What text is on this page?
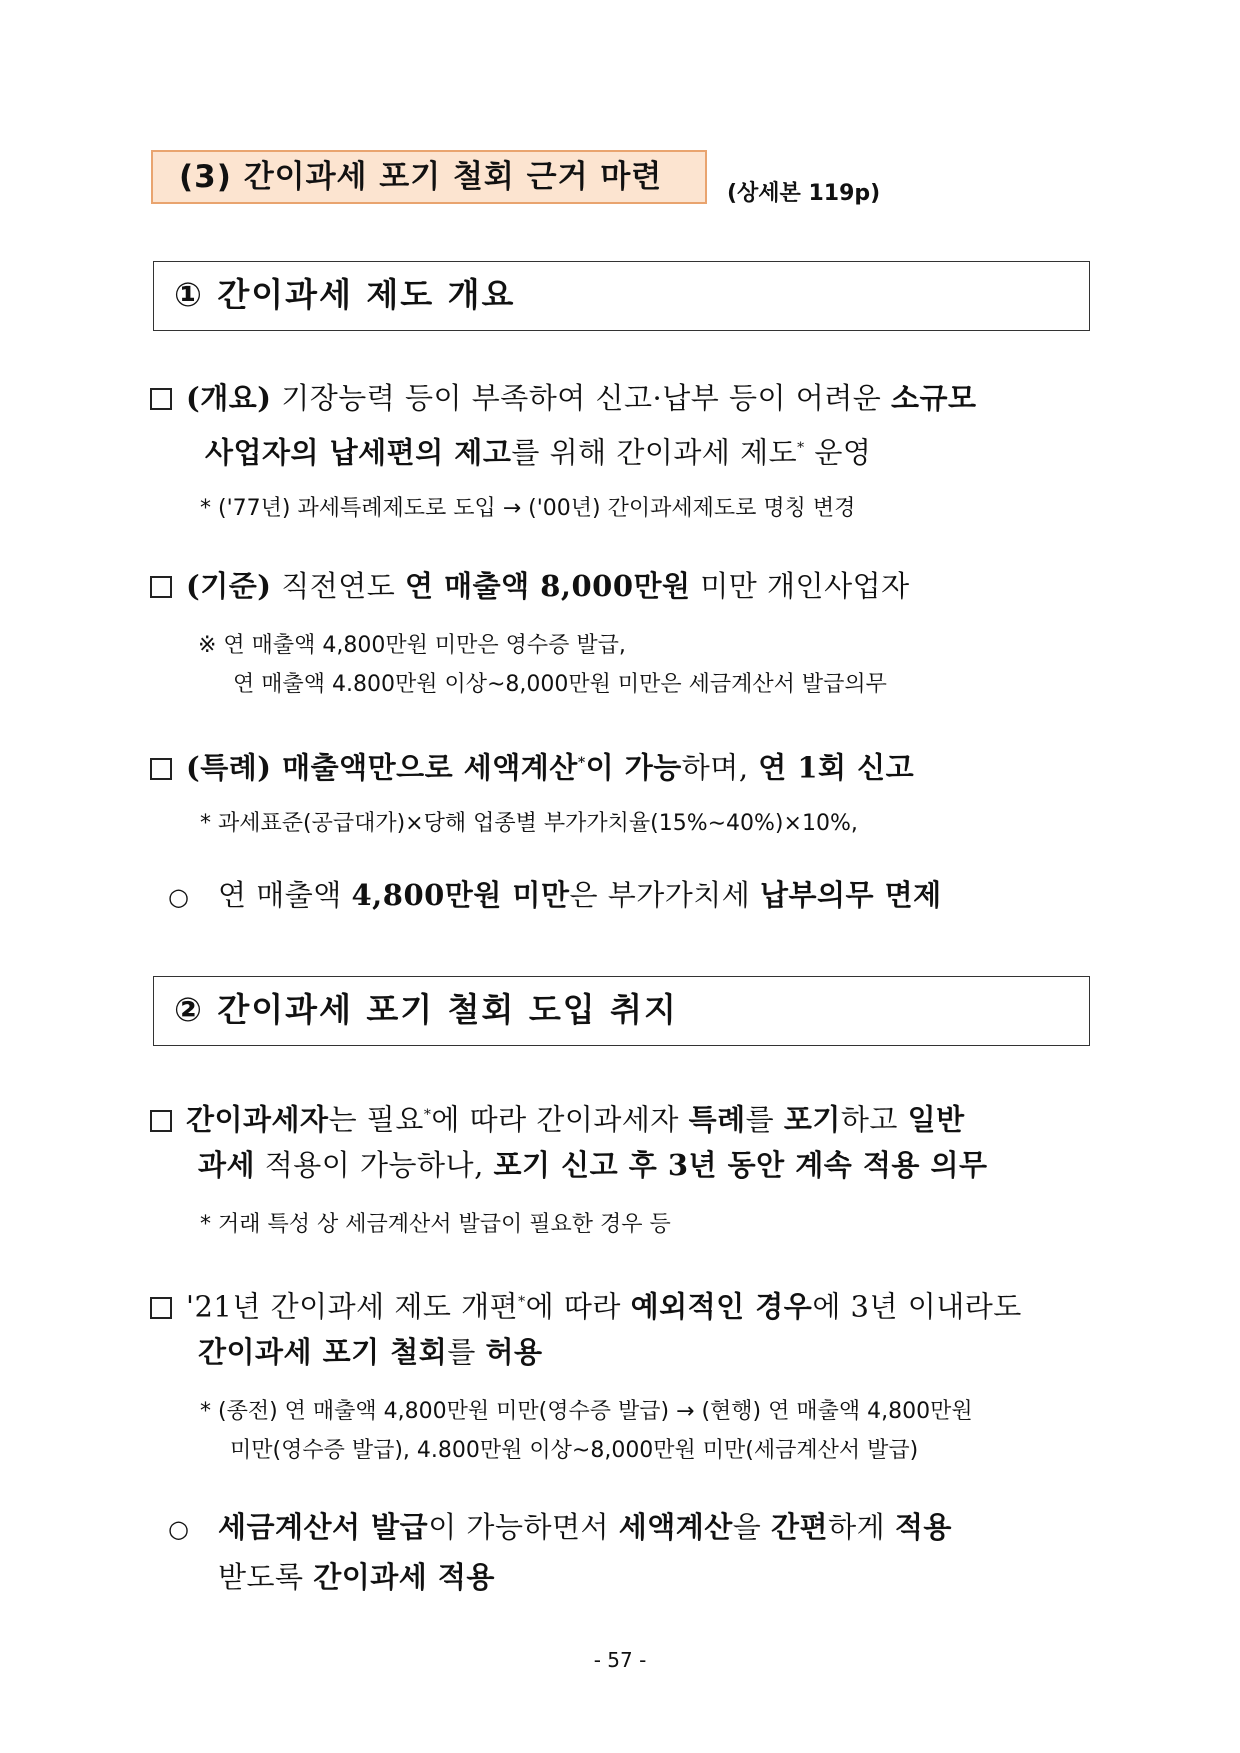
(3) 간이과세 포기 철회 근거 마련	(상세본 119p)
① 간이과세 제도 개요
(개요) 기장능력 등이 부족하여 신고·납부 등이 어려운 소규모
사업자의 납세편의 제고를 위해 간이과세 제도* 운영
* ('77년) 과세특례제도로 도입 → ('00년) 간이과세제도로 명칭 변경
(기준) 직전연도 연 매출액 8,000만원 미만 개인사업자
※ 연 매출액 4,800만원 미만은 영수증 발급,
연 매출액 4.800만원 이상~8,000만원 미만은 세금계산서 발급의무
(특례) 매출액만으로 세액계산*이 가능하며, 연 1회 신고
* 과세표준(공급대가)×당해 업종별 부가가치율(15%∼40%)×10%,
○ 연 매출액 4,800만원 미만은 부가가치세 납부의무 면제
② 간이과세 포기 철회 도입 취지
간이과세자는 필요*에 따라 간이과세자 특례를 포기하고 일반
과세 적용이 가능하나, 포기 신고 후 3년 동안 계속 적용 의무
* 거래 특성 상 세금계산서 발급이 필요한 경우 등
'21년 간이과세 제도 개편*에 따라 예외적인 경우에 3년 이내라도
간이과세 포기 철회를 허용
* (종전) 연 매출액 4,800만원 미만(영수증 발급) → (현행) 연 매출액 4,800만원
미만(영수증 발급), 4.800만원 이상~8,000만원 미만(세금계산서 발급)
○ 세금계산서 발급이 가능하면서 세액계산을 간편하게 적용
받도록 간이과세 적용
- 57 -
